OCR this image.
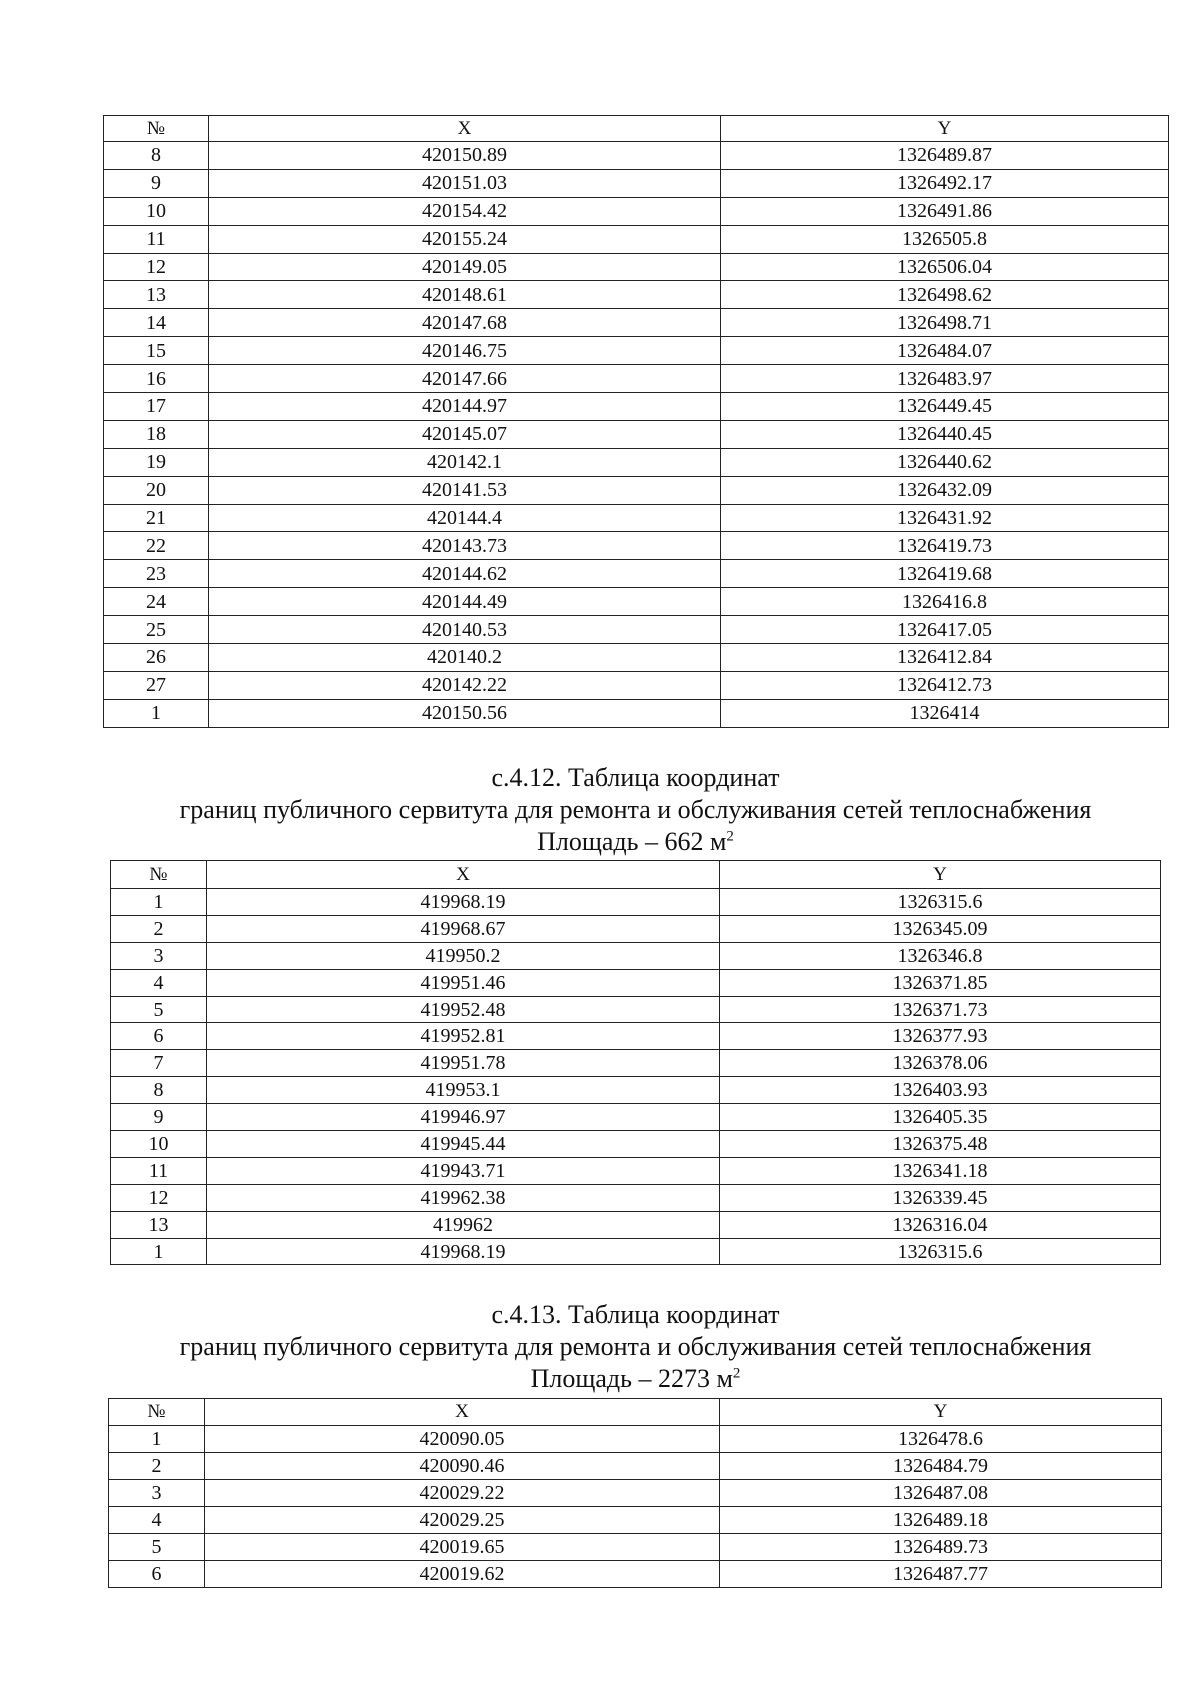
№	X	Y
8	420150.89	1326489.87
9	420151.03	1326492.17
10	420154.42	1326491.86
11	420155.24	1326505.8
12	420149.05	1326506.04
13	420148.61	1326498.62
14	420147.68	1326498.71
15	420146.75	1326484.07
16	420147.66	1326483.97
17	420144.97	1326449.45
18	420145.07	1326440.45
19	420142.1	1326440.62
20	420141.53	1326432.09
21	420144.4	1326431.92
22	420143.73	1326419.73
23	420144.62	1326419.68
24	420144.49	1326416.8
25	420140.53	1326417.05
26	420140.2	1326412.84
27	420142.22	1326412.73
1	420150.56	1326414
с.4.12. Таблица координат
границ публичного сервитута для ремонта и обслуживания сетей теплоснабжения
Площадь – 662 $м^2$
№	X	Y
1	419968.19	1326315.6
2	419968.67	1326345.09
3	419950.2	1326346.8
4	419951.46	1326371.85
5	419952.48	1326371.73
6	419952.81	1326377.93
7	419951.78	1326378.06
8	419953.1	1326403.93
9	419946.97	1326405.35
10	419945.44	1326375.48
11	419943.71	1326341.18
12	419962.38	1326339.45
13	419962	1326316.04
1	419968.19	1326315.6
с.4.13. Таблица координат
границ публичного сервитута для ремонта и обслуживания сетей теплоснабжения
Площадь – 2273 $м^2$
№	X	Y
1	420090.05	1326478.6
2	420090.46	1326484.79
3	420029.22	1326487.08
4	420029.25	1326489.18
5	420019.65	1326489.73
6	420019.62	1326487.77
